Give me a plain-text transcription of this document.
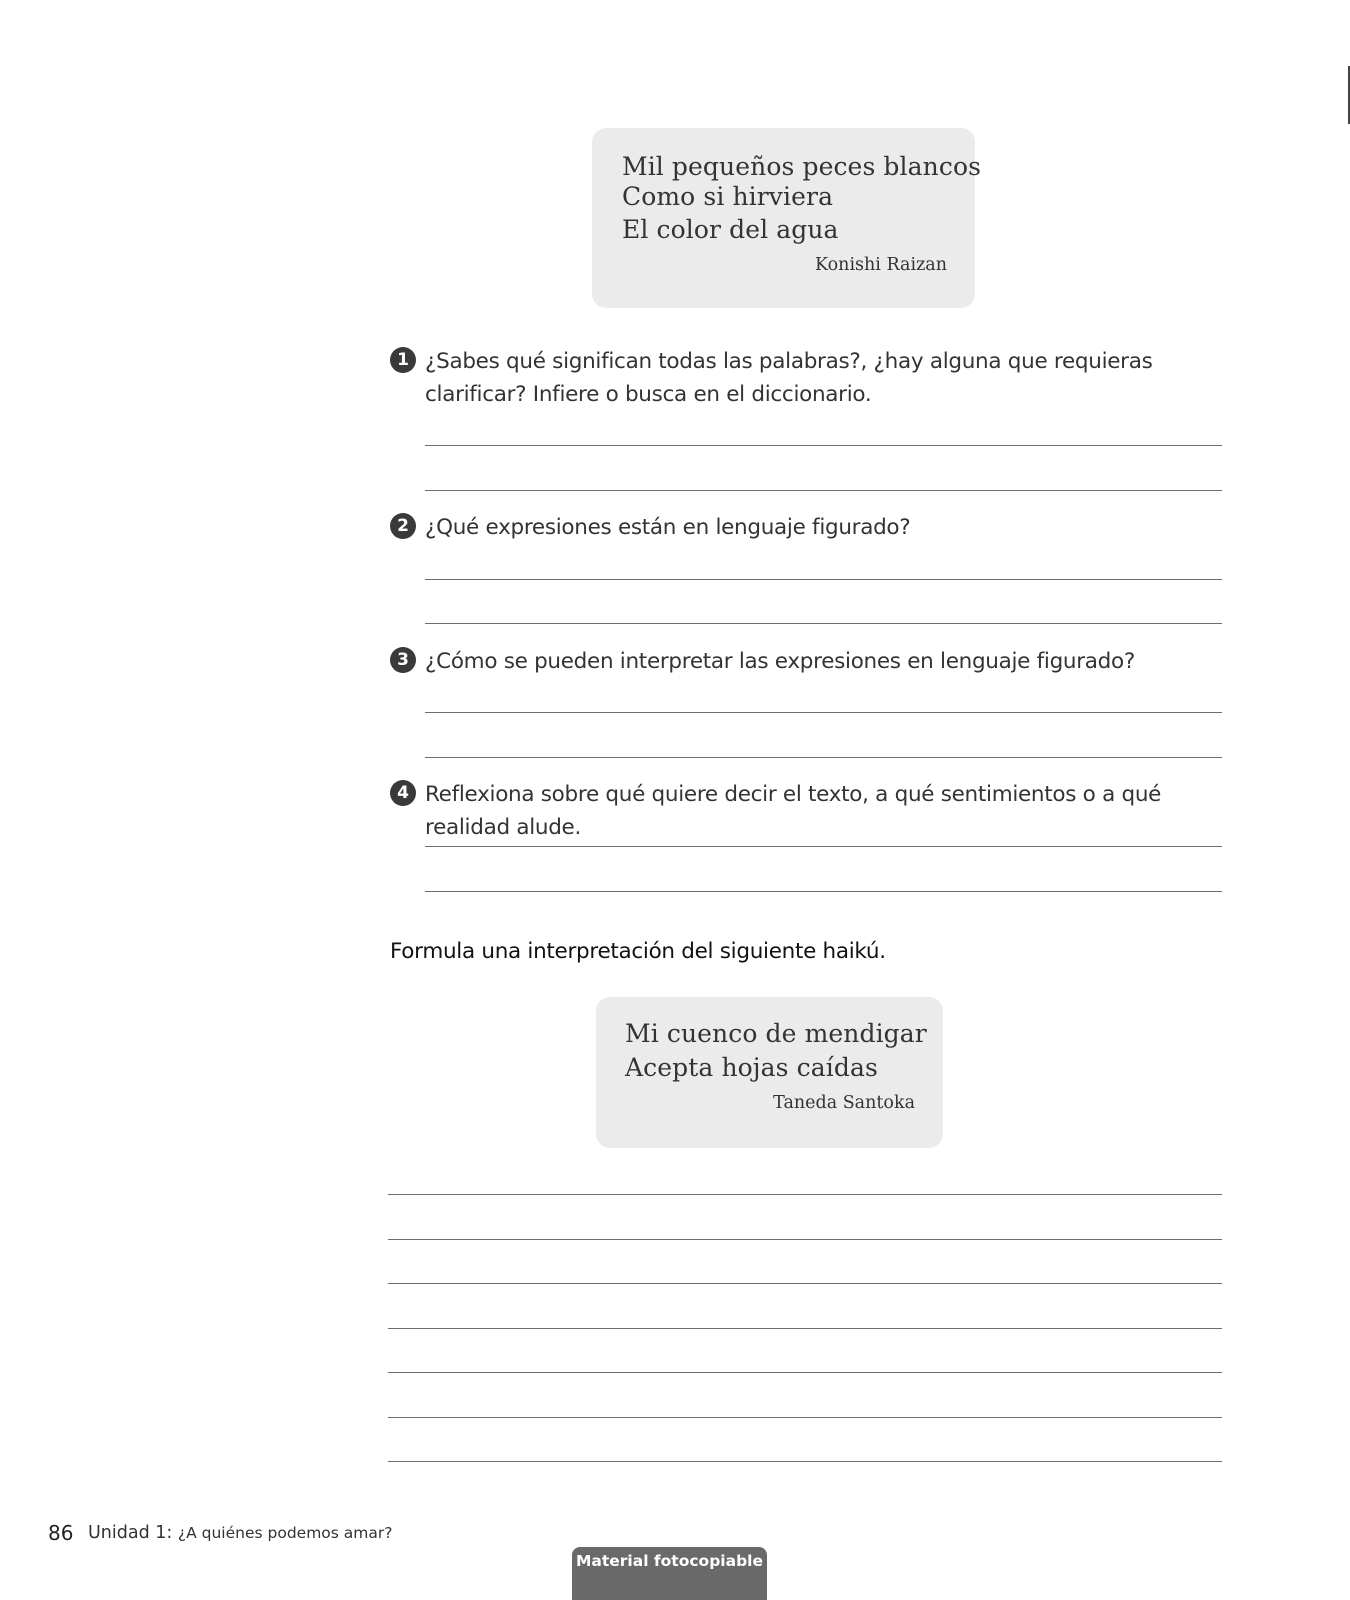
Mil pequeños peces blancos
Como si hirviera
El color del agua
Konishi Raizan
1 ¿Sabes qué significan todas las palabras?, ¿hay alguna que requieras clarificar? Infiere o busca en el diccionario.
2 ¿Qué expresiones están en lenguaje figurado?
3 ¿Cómo se pueden interpretar las expresiones en lenguaje figurado?
4 Reflexiona sobre qué quiere decir el texto, a qué sentimientos o a qué realidad alude.
Formula una interpretación del siguiente haikú.
Mi cuenco de mendigar
Acepta hojas caídas
Taneda Santoka
86 Unidad 1: ¿A quiénes podemos amar?
Material fotocopiable
